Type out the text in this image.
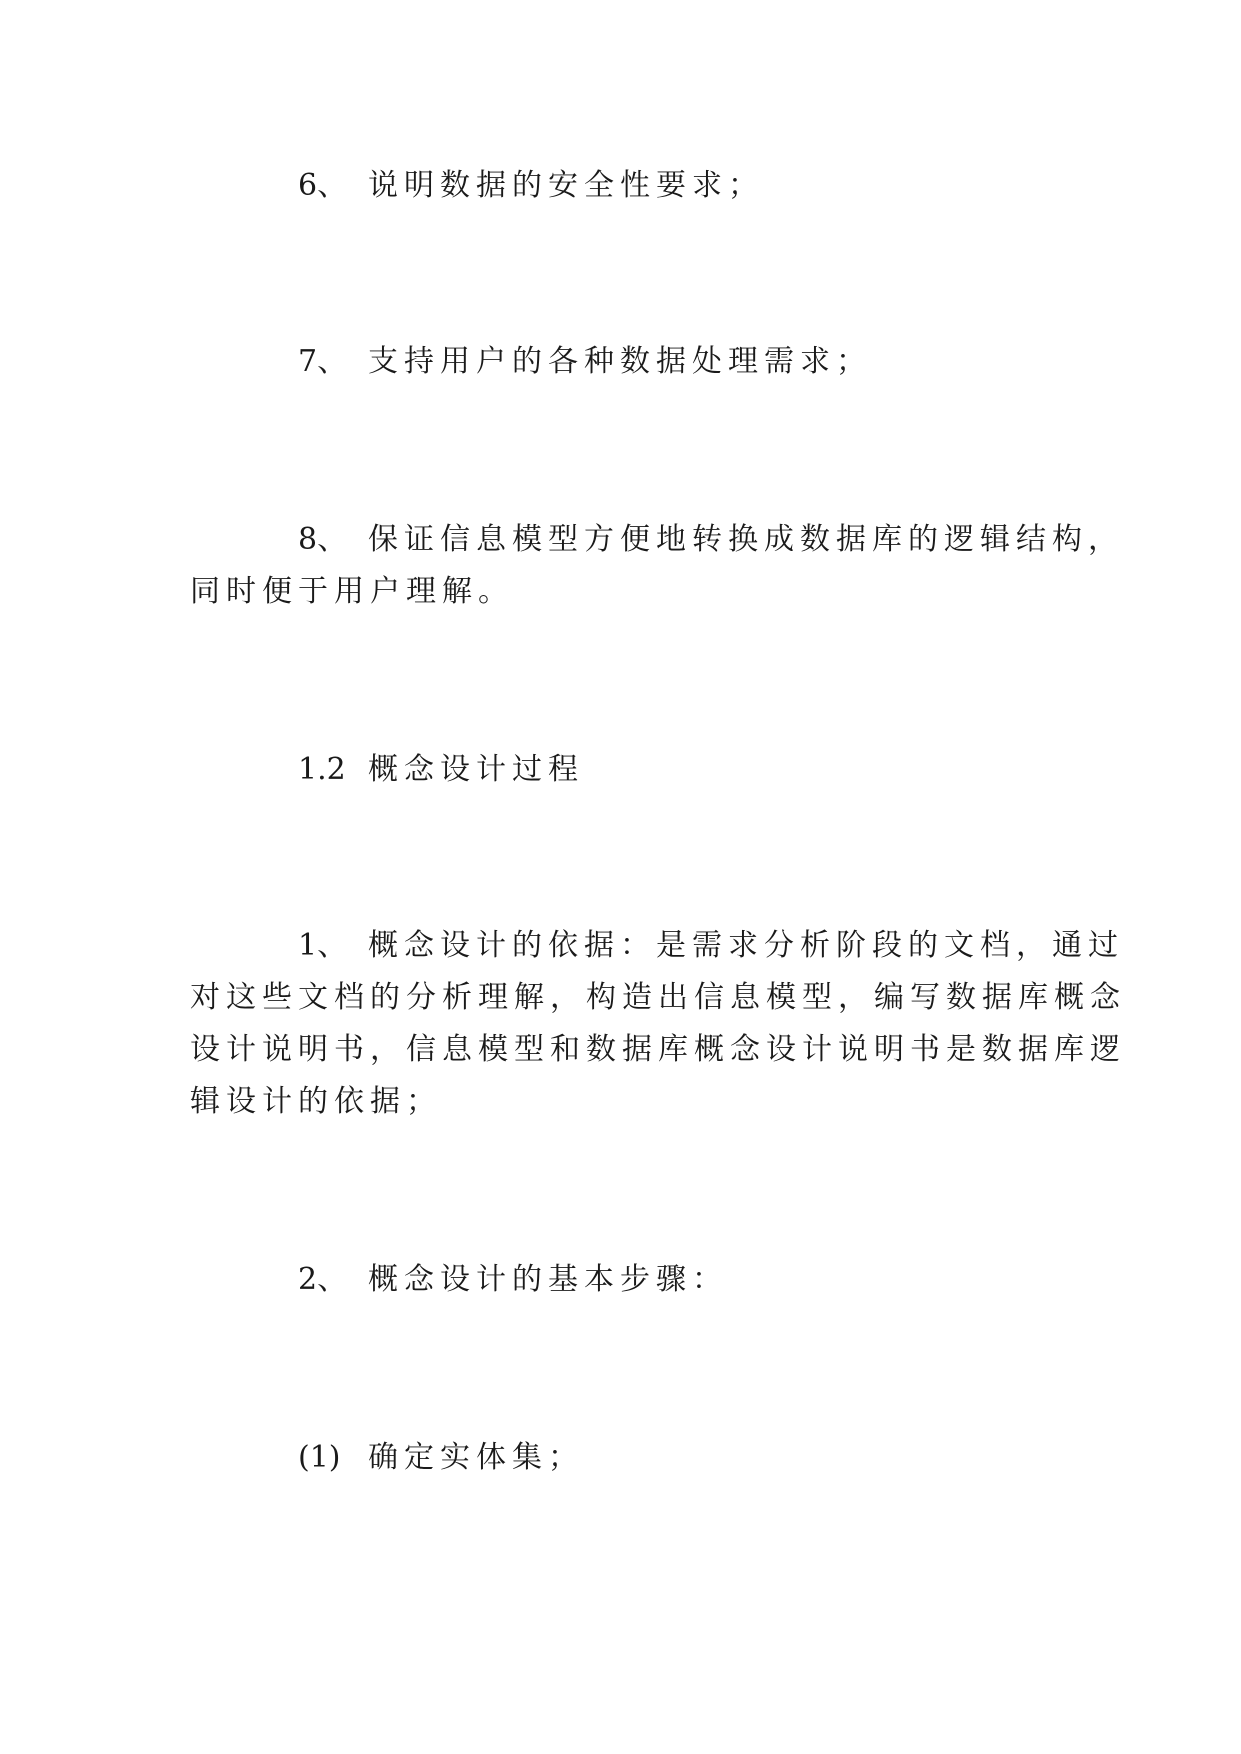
6、 说明数据的安全性要求；
7、 支持用户的各种数据处理需求；
8、 保证信息模型方便地转换成数据库的逻辑结构，
同时便于用户理解。
1.2 概念设计过程
1、 概念设计的依据：是需求分析阶段的文档，通过
对这些文档的分析理解，构造出信息模型，编写数据库概念
设计说明书，信息模型和数据库概念设计说明书是数据库逻
辑设计的依据；
2、 概念设计的基本步骤：
(1) 确定实体集；
